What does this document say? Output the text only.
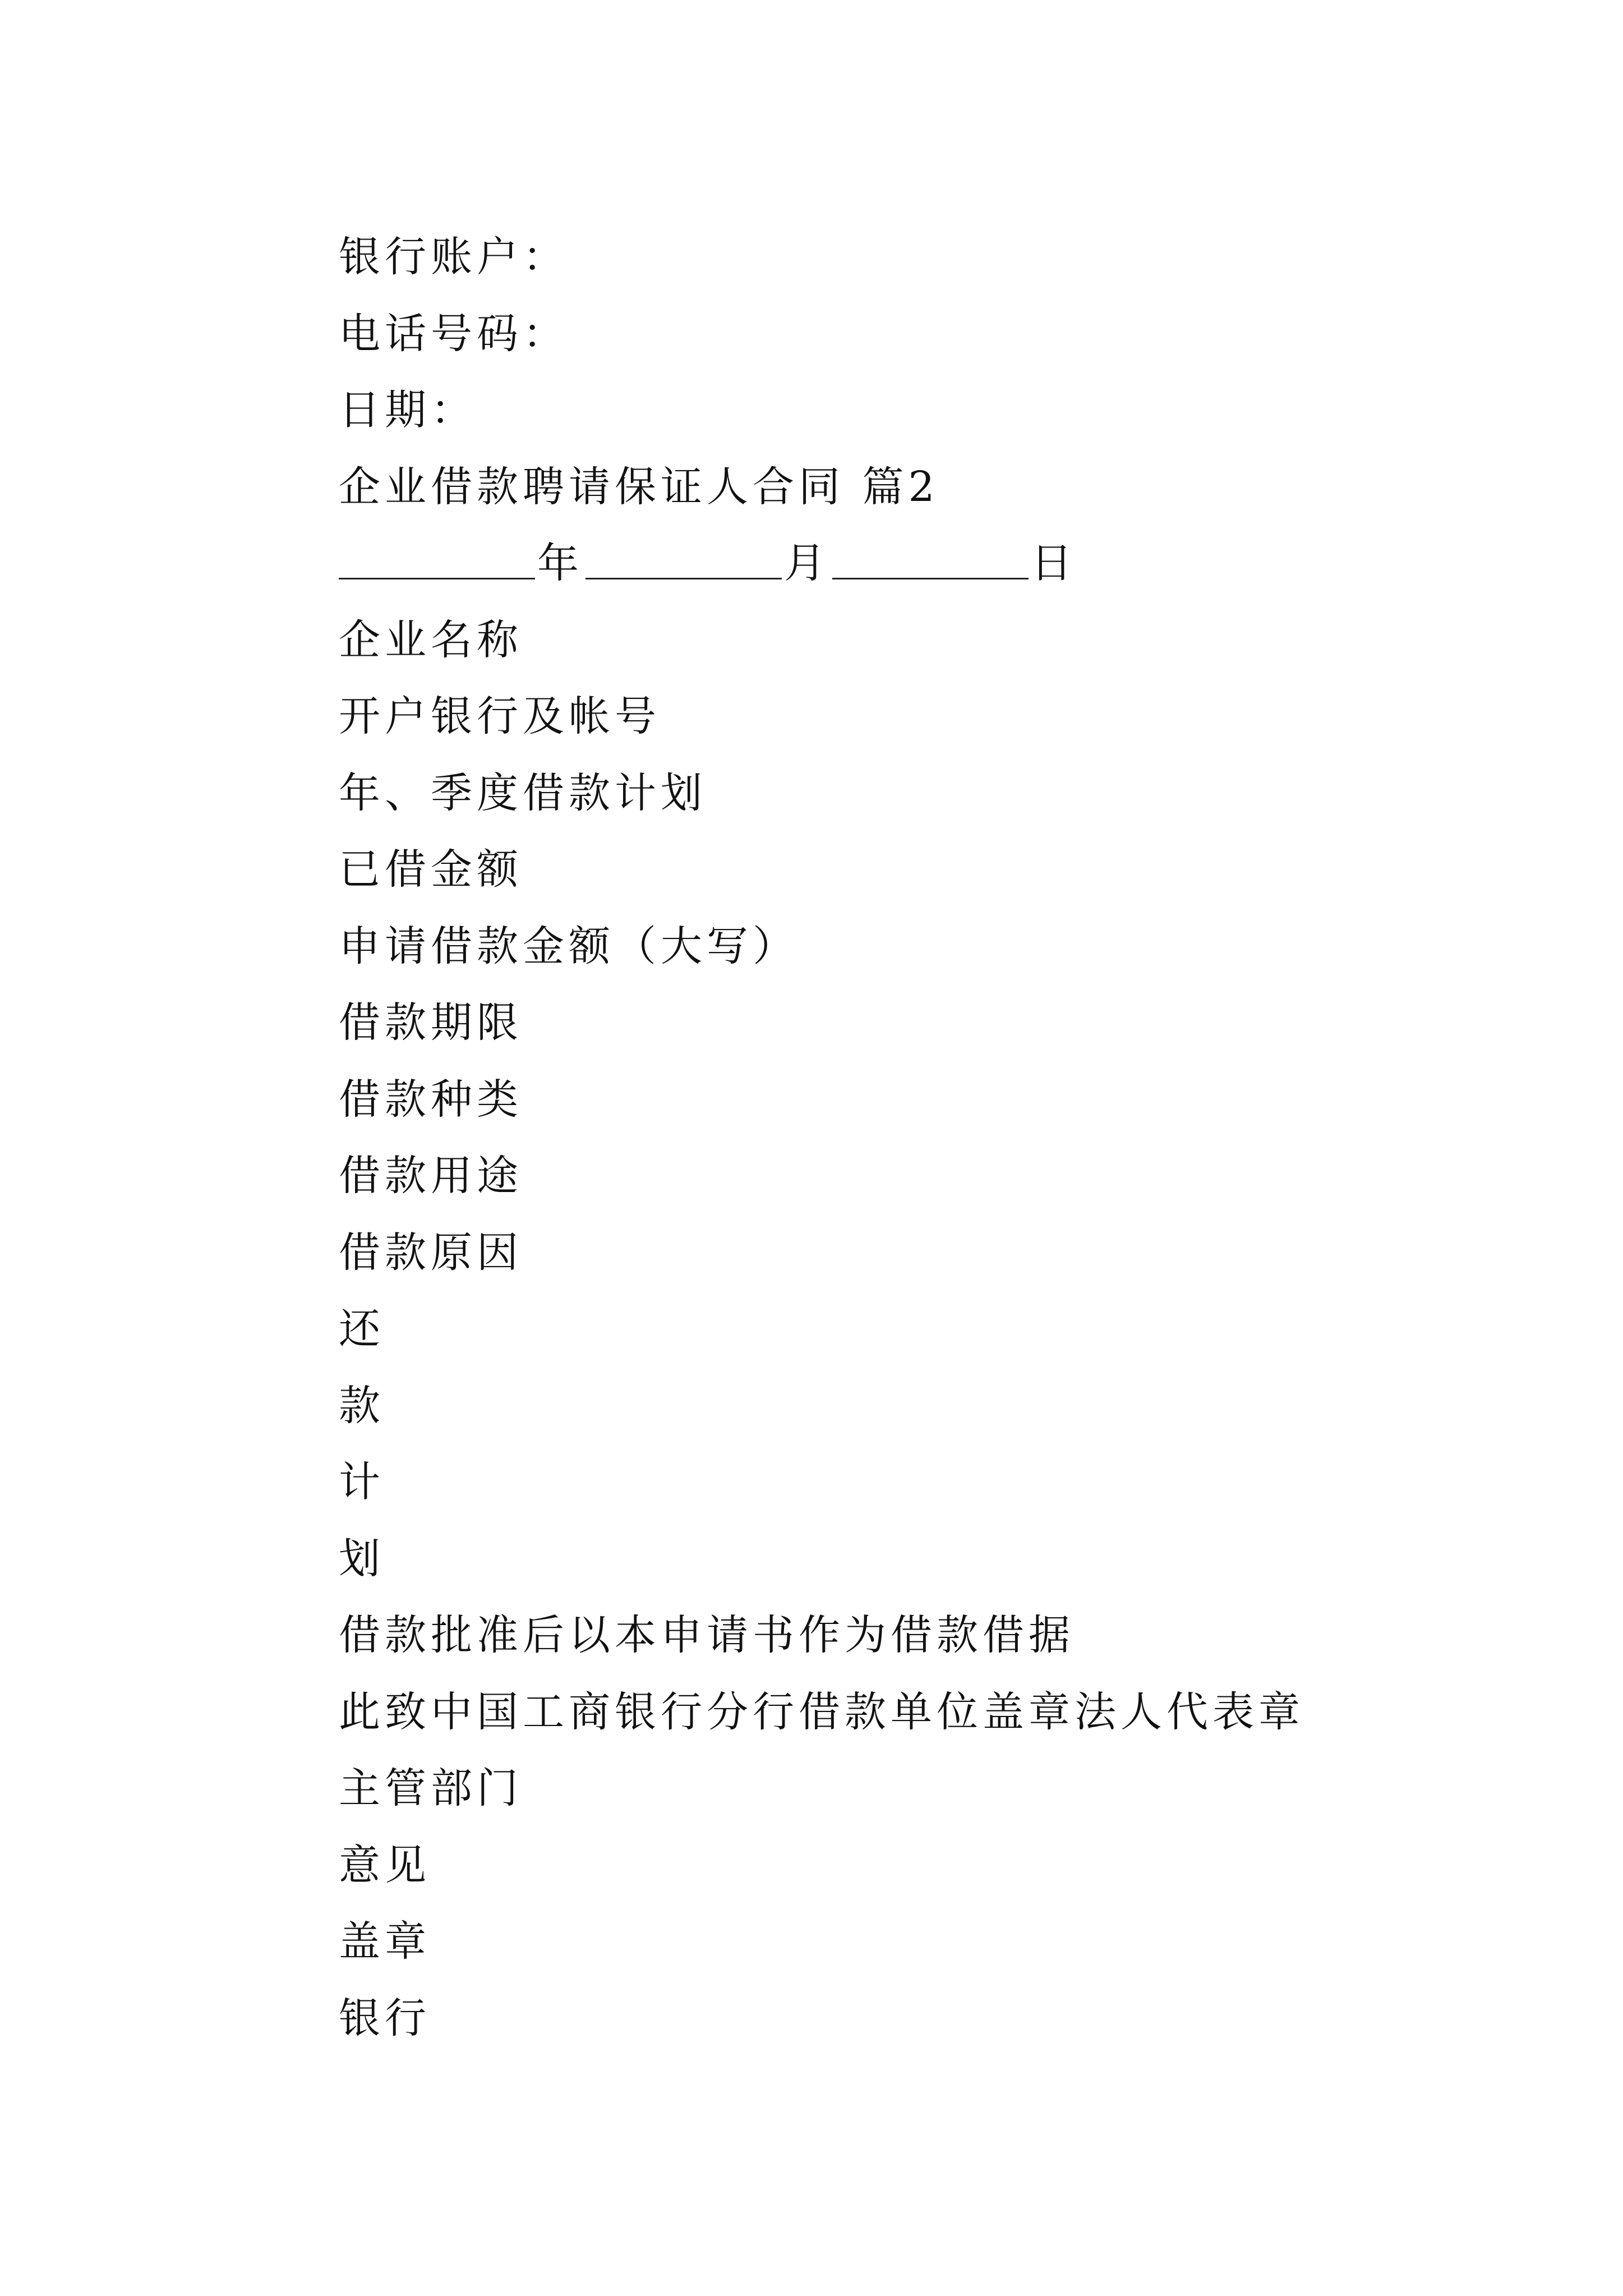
银行账户：
电话号码：
日期：
企业借款聘请保证人合同 篇2
年	月	日
企业名称
开户银行及帐号
年、季度借款计划
已借金额
申请借款金额（大写）
借款期限
借款种类
借款用途
借款原因
还
款
计
划
借款批准后以本申请书作为借款借据
此致中国工商银行分行借款单位盖章法人代表章
主管部门
意见
盖章
银行
